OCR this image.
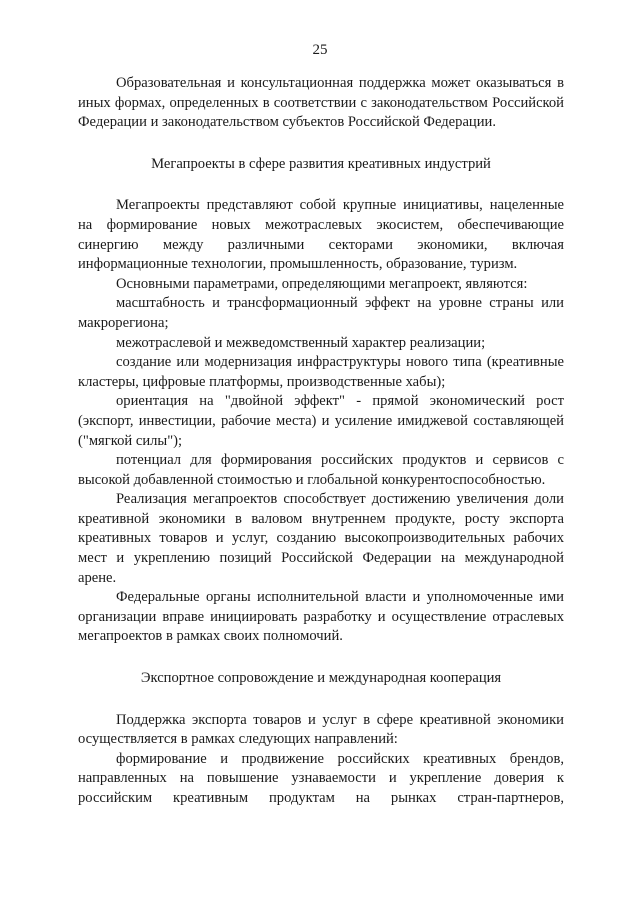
25

Образовательная и консультационная поддержка может оказываться в иных формах, определенных в соответствии с законодательством Российской Федерации и законодательством субъектов Российской Федерации.

Мегапроекты в сфере развития креативных индустрий

Мегапроекты представляют собой крупные инициативы, нацеленные на формирование новых межотраслевых экосистем, обеспечивающие синергию между различными секторами экономики, включая информационные технологии, промышленность, образование, туризм.

Основными параметрами, определяющими мегапроект, являются:

масштабность и трансформационный эффект на уровне страны или макрорегиона;

межотраслевой и межведомственный характер реализации;

создание или модернизация инфраструктуры нового типа (креативные кластеры, цифровые платформы, производственные хабы);

ориентация на "двойной эффект" - прямой экономический рост (экспорт, инвестиции, рабочие места) и усиление имиджевой составляющей ("мягкой силы");

потенциал для формирования российских продуктов и сервисов с высокой добавленной стоимостью и глобальной конкурентоспособностью.

Реализация мегапроектов способствует достижению увеличения доли креативной экономики в валовом внутреннем продукте, росту экспорта креативных товаров и услуг, созданию высокопроизводительных рабочих мест и укреплению позиций Российской Федерации на международной арене.

Федеральные органы исполнительной власти и уполномоченные ими организации вправе инициировать разработку и осуществление отраслевых мегапроектов в рамках своих полномочий.

Экспортное сопровождение и международная кооперация

Поддержка экспорта товаров и услуг в сфере креативной экономики осуществляется в рамках следующих направлений:

формирование и продвижение российских креативных брендов, направленных на повышение узнаваемости и укрепление доверия к российским креативным продуктам на рынках стран-партнеров,
